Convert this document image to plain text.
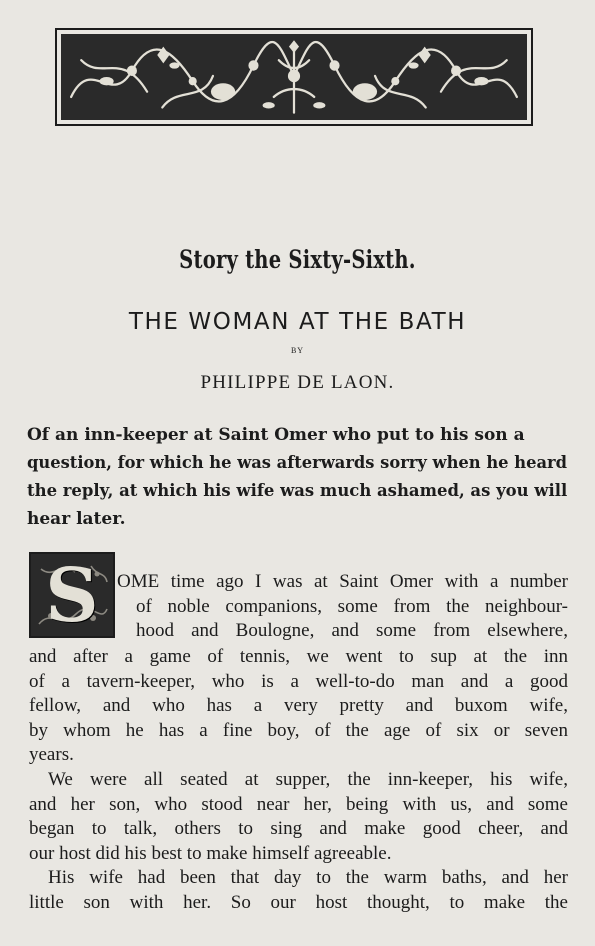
Story the Sixty-Sixth.
THE WOMAN AT THE BATH
BY
PHILIPPE DE LAON.
Of an inn-keeper at Saint Omer who put to his son a
question, for which he was afterwards sorry when he heard
the reply, at which his wife was much ashamed, as you will
hear later.
S OME time ago I was at Saint Omer with a number
of noble companions, some from the neighbour-
hood and Boulogne, and some from elsewhere,
and after a game of tennis, we went to sup at the inn
of a tavern-keeper, who is a well-to-do man and a good
fellow, and who has a very pretty and buxom wife,
by whom he has a fine boy, of the age of six or seven
years.
We were all seated at supper, the inn-keeper, his wife,
and her son, who stood near her, being with us, and some
began to talk, others to sing and make good cheer, and
our host did his best to make himself agreeable.
His wife had been that day to the warm baths, and her
little son with her. So our host thought, to make the
